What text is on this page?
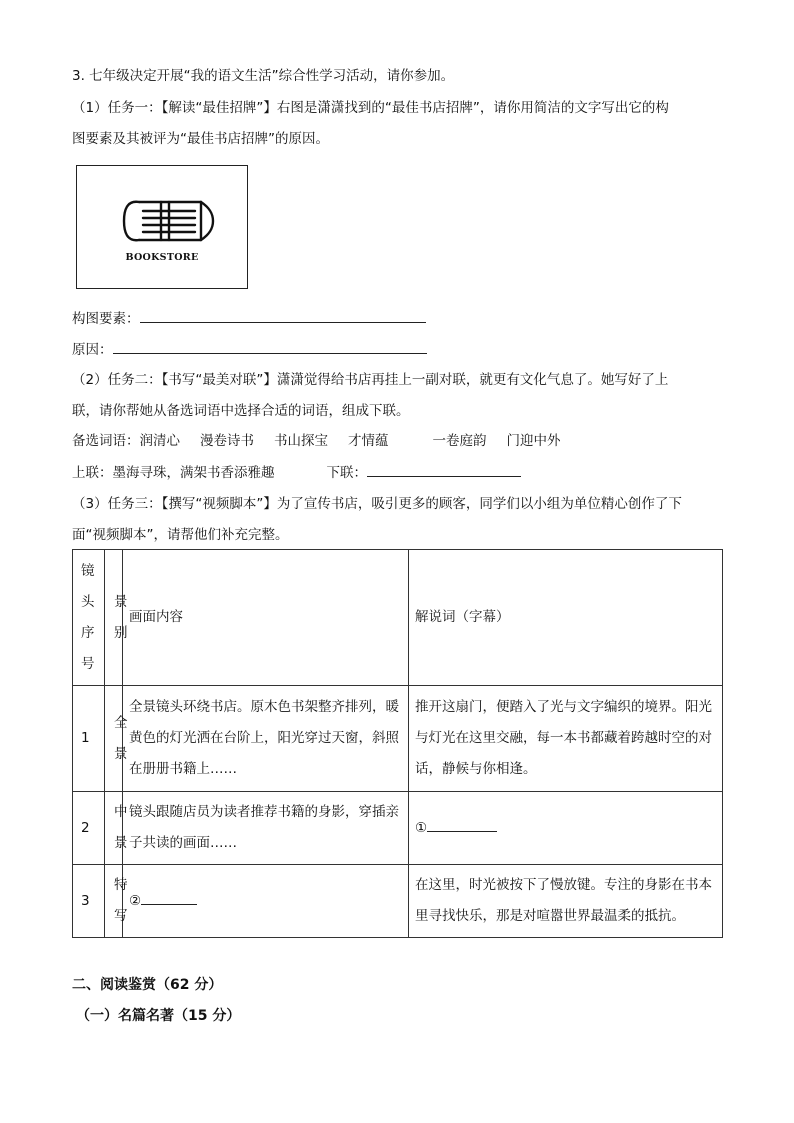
3. 七年级决定开展“我的语文生活”综合性学习活动，请你参加。
（1）任务一：【解读“最佳招牌”】右图是潇潇找到的“最佳书店招牌”，请你用简洁的文字写出它的构
图要素及其被评为“最佳书店招牌”的原因。
BOOKSTORE
构图要素：
原因：
（2）任务二：【书写“最美对联”】潇潇觉得给书店再挂上一副对联，就更有文化气息了。她写好了上
联，请你帮她从备选词语中选择合适的词语，组成下联。
备选词语：润清心 漫卷诗书 书山探宝 才情蕴	一卷庭韵 门迎中外
上联：墨海寻珠，满架书香添雅趣	下联：
（3）任务三：【撰写“视频脚本”】为了宣传书店，吸引更多的顾客，同学们以小组为单位精心创作了下
面“视频脚本”，请帮他们补充完整。
镜头序号	景别	画面内容	解说词（字幕）
1	全景	全景镜头环绕书店。原木色书架整齐排列，暖黄色的灯光洒在台阶上，阳光穿过天窗，斜照在册册书籍上……	推开这扇门，便踏入了光与文字编织的境界。阳光与灯光在这里交融，每一本书都藏着跨越时空的对话，静候与你相逢。
2	中景	镜头跟随店员为读者推荐书籍的身影，穿插亲子共读的画面……	①
3	特写	②	在这里，时光被按下了慢放键。专注的身影在书本里寻找快乐，那是对喧嚣世界最温柔的抵抗。
二、阅读鉴赏（62 分）
（一）名篇名著（15 分）
